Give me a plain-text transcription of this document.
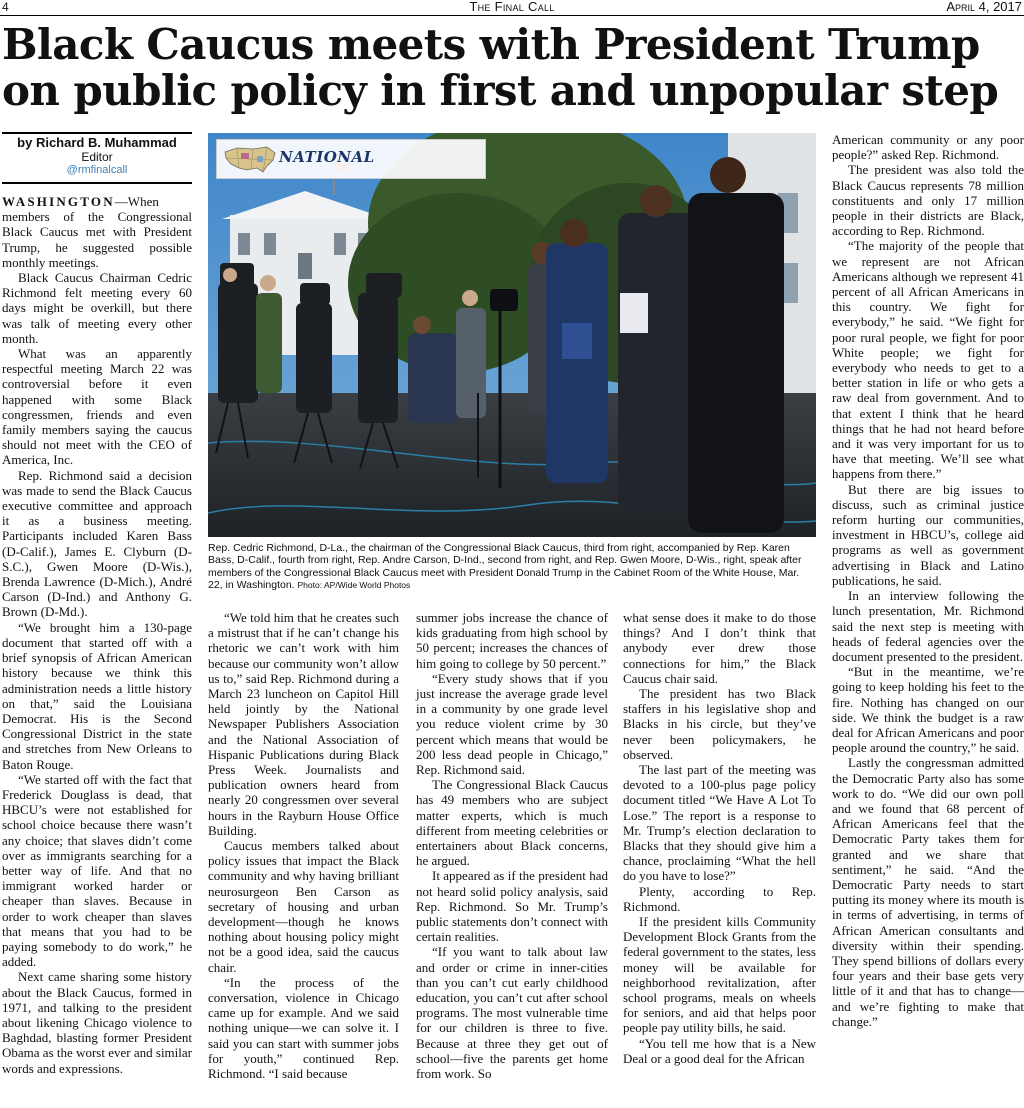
4	The Final Call	April 4, 2017
Black Caucus meets with President Trump on public policy in first and unpopular step
by Richard B. Muhammad
Editor
@rmfinalcall

WASHINGTON—When members of the Congressional Black Caucus met with President Trump, he suggested possible monthly meetings.

Black Caucus Chairman Cedric Richmond felt meeting every 60 days might be overkill, but there was talk of meeting every other month.

What was an apparently respectful meeting March 22 was controversial before it even happened with some Black congressmen, friends and even family members saying the caucus should not meet with the CEO of America, Inc.

Rep. Richmond said a decision was made to send the Black Caucus executive committee and approach it as a business meeting. Participants included Karen Bass (D-Calif.), James E. Clyburn (D-S.C.), Gwen Moore (D-Wis.), Brenda Lawrence (D-Mich.), André Carson (D-Ind.) and Anthony G. Brown (D-Md.).

“We brought him a 130-page document that started off with a brief synopsis of African American history because we think this administration needs a little history on that,” said the Louisiana Democrat. His is the Second Congressional District in the state and stretches from New Orleans to Baton Rouge.

“We started off with the fact that Frederick Douglass is dead, that HBCU’s were not established for school choice because there wasn’t any choice; that slaves didn’t come over as immigrants searching for a better way of life. And that no immigrant worked harder or cheaper than slaves. Because in order to work cheaper than slaves that means that you had to be paying somebody to do work,” he added.

Next came sharing some history about the Black Caucus, formed in 1971, and talking to the president about likening Chicago violence to Baghdad, blasting former President Obama as the worst ever and similar words and expressions.

NATIONAL
Rep. Cedric Richmond, D-La., the chairman of the Congressional Black Caucus, third from right, accompanied by Rep. Karen Bass, D-Calif., fourth from right, Rep. Andre Carson, D-Ind., second from right, and Rep. Gwen Moore, D-Wis., right, speak after members of the Congressional Black Caucus meet with President Donald Trump in the Cabinet Room of the White House, Mar. 22, in Washington. Photo: AP/Wide World Photos

“We told him that he creates such a mistrust that if he can’t change his rhetoric we can’t work with him because our community won’t allow us to,” said Rep. Richmond during a March 23 luncheon on Capitol Hill held jointly by the National Newspaper Publishers Association and the National Association of Hispanic Publications during Black Press Week. Journalists and publication owners heard from nearly 20 congressmen over several hours in the Rayburn House Office Building.

Caucus members talked about policy issues that impact the Black community and why having brilliant neurosurgeon Ben Carson as secretary of housing and urban development—though he knows nothing about housing policy might not be a good idea, said the caucus chair.

“In the process of the conversation, violence in Chicago came up for example. And we said nothing unique—we can solve it. I said you can start with summer jobs for youth,” continued Rep. Richmond. “I said because

summer jobs increase the chance of kids graduating from high school by 50 percent; increases the chances of him going to college by 50 percent.”

“Every study shows that if you just increase the average grade level in a community by one grade level you reduce violent crime by 30 percent which means that would be 200 less dead people in Chicago,” Rep. Richmond said.

The Congressional Black Caucus has 49 members who are subject matter experts, which is much different from meeting celebrities or entertainers about Black concerns, he argued.

It appeared as if the president had not heard solid policy analysis, said Rep. Richmond. So Mr. Trump’s public statements don’t connect with certain realities.

“If you want to talk about law and order or crime in inner-cities than you can’t cut early childhood education, you can’t cut after school programs. The most vulnerable time for our children is three to five. Because at three they get out of school—five the parents get home from work. So

what sense does it make to do those things? And I don’t think that anybody ever drew those connections for him,” the Black Caucus chair said.

The president has two Black staffers in his legislative shop and Blacks in his circle, but they’ve never been policymakers, he observed.

The last part of the meeting was devoted to a 100-plus page policy document titled “We Have A Lot To Lose.” The report is a response to Mr. Trump’s election declaration to Blacks that they should give him a chance, proclaiming “What the hell do you have to lose?”

Plenty, according to Rep. Richmond.

If the president kills Community Development Block Grants from the federal government to the states, less money will be available for neighborhood revitalization, after school programs, meals on wheels for seniors, and aid that helps poor people pay utility bills, he said.

“You tell me how that is a New Deal or a good deal for the African

American community or any poor people?” asked Rep. Richmond.

The president was also told the Black Caucus represents 78 million constituents and only 17 million people in their districts are Black, according to Rep. Richmond.

“The majority of the people that we represent are not African Americans although we represent 41 percent of all African Americans in this country. We fight for everybody,” he said. “We fight for poor rural people, we fight for poor White people; we fight for everybody who needs to get to a better station in life or who gets a raw deal from government. And to that extent I think that he heard things that he had not heard before and it was very important for us to have that meeting. We’ll see what happens from there.”

But there are big issues to discuss, such as criminal justice reform hurting our communities, investment in HBCU’s, college aid programs as well as government advertising in Black and Latino publications, he said.

In an interview following the lunch presentation, Mr. Richmond said the next step is meeting with heads of federal agencies over the document presented to the president.

“But in the meantime, we’re going to keep holding his feet to the fire. Nothing has changed on our side. We think the budget is a raw deal for African Americans and poor people around the country,” he said.

Lastly the congressman admitted the Democratic Party also has some work to do. “We did our own poll and we found that 68 percent of African Americans feel that the Democratic Party takes them for granted and we share that sentiment,” he said. “And the Democratic Party needs to start putting its money where its mouth is in terms of advertising, in terms of African American consultants and diversity within their spending. They spend billions of dollars every four years and their base gets very little of it and that has to change—and we’re fighting to make that change.”
